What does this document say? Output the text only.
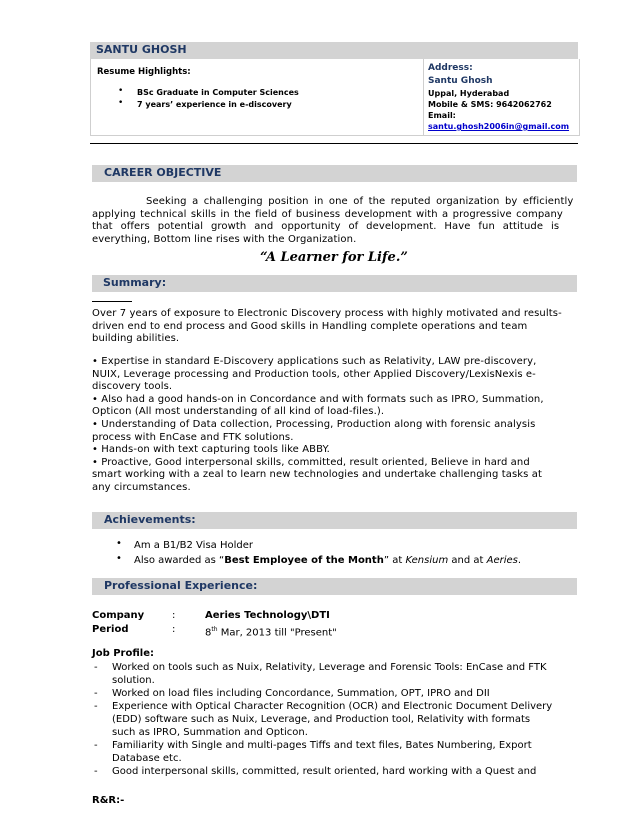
SANTU GHOSH
Resume Highlights:
• BSc Graduate in Computer Sciences
• 7 years’ experience in e-discovery
Address:
Santu Ghosh
Uppal, Hyderabad
Mobile & SMS: 9642062762
Email:
santu.ghosh2006in@gmail.com
CAREER OBJECTIVE
Seeking a challenging position in one of the reputed organization by efficiently
applying technical skills in the field of business development with a progressive company
that offers potential growth and opportunity of development. Have fun attitude is
everything, Bottom line rises with the Organization.
“A Learner for Life.”
Summary:
Over 7 years of exposure to Electronic Discovery process with highly motivated and results-
driven end to end process and Good skills in Handling complete operations and team
building abilities.
• Expertise in standard E-Discovery applications such as Relativity, LAW pre-discovery,
NUIX, Leverage processing and Production tools, other Applied Discovery/LexisNexis e-
discovery tools.
• Also had a good hands-on in Concordance and with formats such as IPRO, Summation,
Opticon (All most understanding of all kind of load-files.).
• Understanding of Data collection, Processing, Production along with forensic analysis
process with EnCase and FTK solutions.
• Hands-on with text capturing tools like ABBY.
• Proactive, Good interpersonal skills, committed, result oriented, Believe in hard and
smart working with a zeal to learn new technologies and undertake challenging tasks at
any circumstances.
Achievements:
• Am a B1/B2 Visa Holder
• Also awarded as “Best Employee of the Month” at Kensium and at Aeries.
Professional Experience:
Company	:	Aeries Technology\DTI
Period	:	8th Mar, 2013 till "Present"
Job Profile:
- Worked on tools such as Nuix, Relativity, Leverage and Forensic Tools: EnCase and FTK
solution.
- Worked on load files including Concordance, Summation, OPT, IPRO and DII
- Experience with Optical Character Recognition (OCR) and Electronic Document Delivery
(EDD) software such as Nuix, Leverage, and Production tool, Relativity with formats
such as IPRO, Summation and Opticon.
- Familiarity with Single and multi-pages Tiffs and text files, Bates Numbering, Export
Database etc.
- Good interpersonal skills, committed, result oriented, hard working with a Quest and
R&R:-
